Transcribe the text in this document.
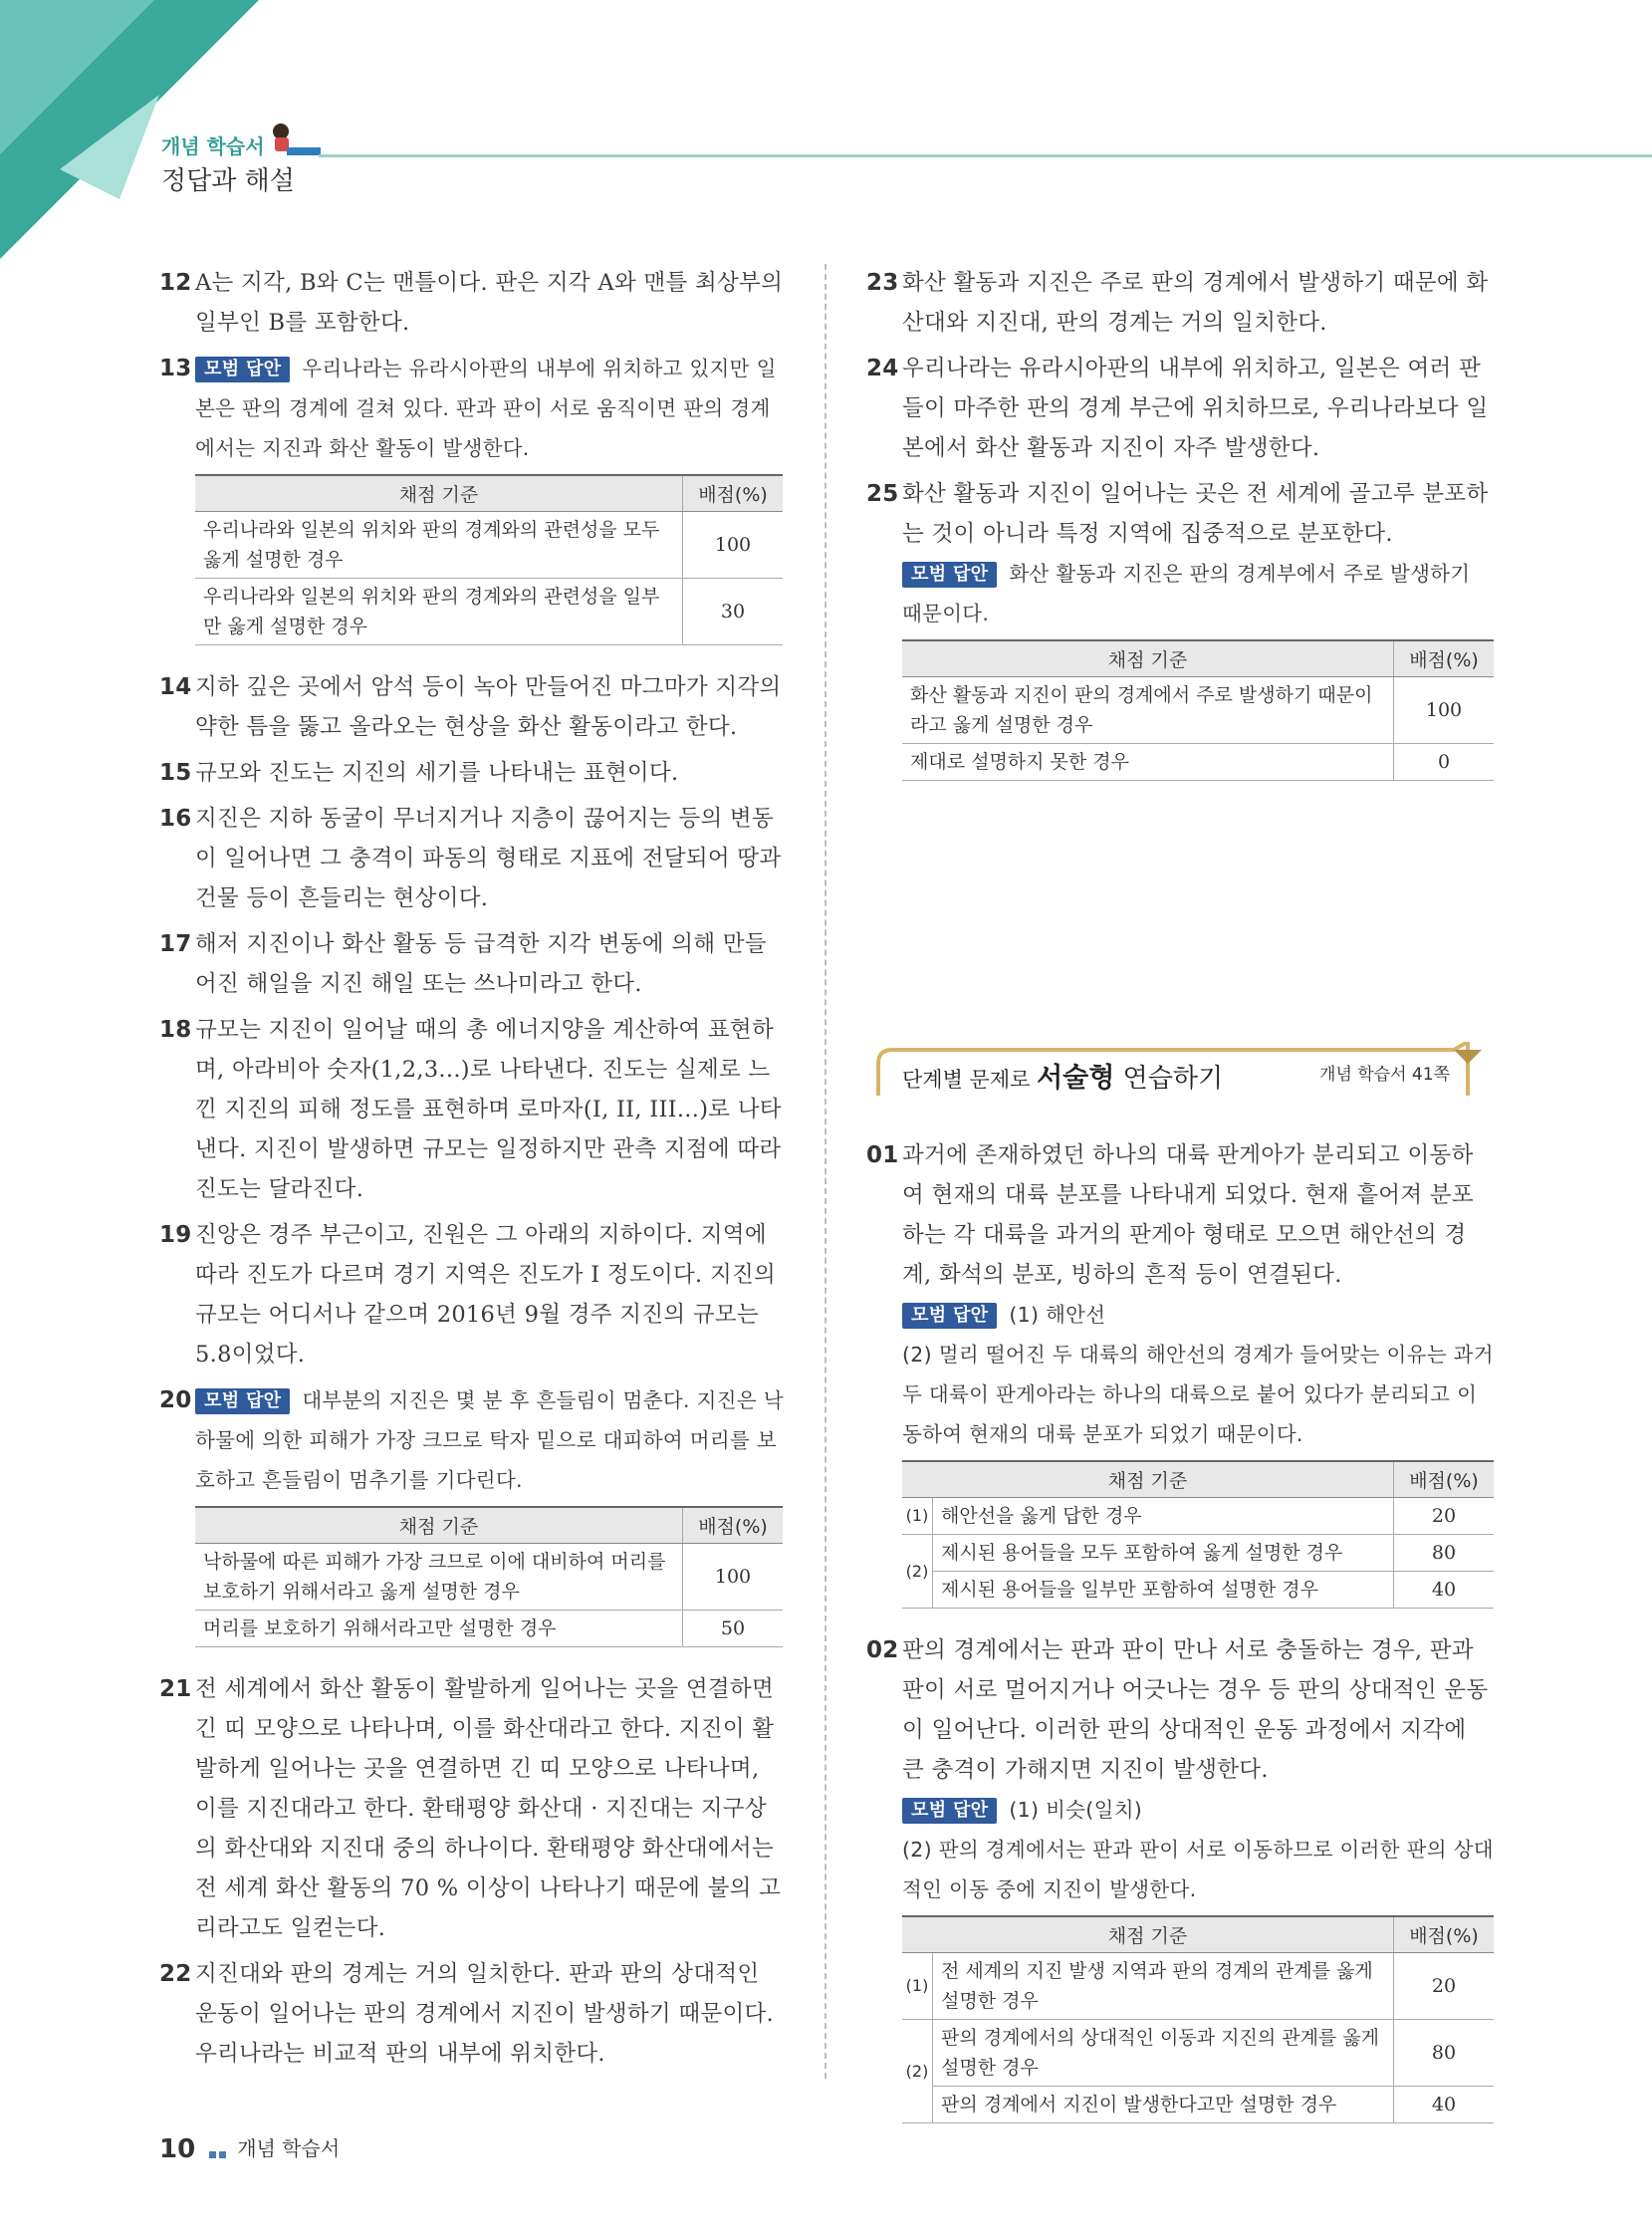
개념 학습서
정답과 해설
12 A는 지각, B와 C는 맨틀이다. 판은 지각 A와 맨틀 최상부의 일부인 B를 포함한다.
13 모범 답안 우리나라는 유라시아판의 내부에 위치하고 있지만 일본은 판의 경계에 걸쳐 있다. 판과 판이 서로 움직이면 판의 경계에서는 지진과 화산 활동이 발생한다.
채점 기준	배점(%)
우리나라와 일본의 위치와 판의 경계와의 관련성을 모두 옳게 설명한 경우	100
우리나라와 일본의 위치와 판의 경계와의 관련성을 일부만 옳게 설명한 경우	30
14 지하 깊은 곳에서 암석 등이 녹아 만들어진 마그마가 지각의 약한 틈을 뚫고 올라오는 현상을 화산 활동이라고 한다.
15 규모와 진도는 지진의 세기를 나타내는 표현이다.
16 지진은 지하 동굴이 무너지거나 지층이 끊어지는 등의 변동이 일어나면 그 충격이 파동의 형태로 지표에 전달되어 땅과 건물 등이 흔들리는 현상이다.
17 해저 지진이나 화산 활동 등 급격한 지각 변동에 의해 만들어진 해일을 지진 해일 또는 쓰나미라고 한다.
18 규모는 지진이 일어날 때의 총 에너지양을 계산하여 표현하며, 아라비아 숫자(1,2,3...)로 나타낸다. 진도는 실제로 느낀 지진의 피해 정도를 표현하며 로마자(I, II, III...)로 나타낸다. 지진이 발생하면 규모는 일정하지만 관측 지점에 따라 진도는 달라진다.
19 진앙은 경주 부근이고, 진원은 그 아래의 지하이다. 지역에 따라 진도가 다르며 경기 지역은 진도가 I 정도이다. 지진의 규모는 어디서나 같으며 2016년 9월 경주 지진의 규모는 5.8이었다.
20 모범 답안 대부분의 지진은 몇 분 후 흔들림이 멈춘다. 지진은 낙하물에 의한 피해가 가장 크므로 탁자 밑으로 대피하여 머리를 보호하고 흔들림이 멈추기를 기다린다.
채점 기준	배점(%)
낙하물에 따른 피해가 가장 크므로 이에 대비하여 머리를 보호하기 위해서라고 옳게 설명한 경우	100
머리를 보호하기 위해서라고만 설명한 경우	50
21 전 세계에서 화산 활동이 활발하게 일어나는 곳을 연결하면 긴 띠 모양으로 나타나며, 이를 화산대라고 한다. 지진이 활발하게 일어나는 곳을 연결하면 긴 띠 모양으로 나타나며, 이를 지진대라고 한다. 환태평양 화산대 · 지진대는 지구상의 화산대와 지진대 중의 하나이다. 환태평양 화산대에서는 전 세계 화산 활동의 70 % 이상이 나타나기 때문에 불의 고리라고도 일컫는다.
22 지진대와 판의 경계는 거의 일치한다. 판과 판의 상대적인 운동이 일어나는 판의 경계에서 지진이 발생하기 때문이다. 우리나라는 비교적 판의 내부에 위치한다.
23 화산 활동과 지진은 주로 판의 경계에서 발생하기 때문에 화산대와 지진대, 판의 경계는 거의 일치한다.
24 우리나라는 유라시아판의 내부에 위치하고, 일본은 여러 판들이 마주한 판의 경계 부근에 위치하므로, 우리나라보다 일본에서 화산 활동과 지진이 자주 발생한다.
25 화산 활동과 지진이 일어나는 곳은 전 세계에 골고루 분포하는 것이 아니라 특정 지역에 집중적으로 분포한다.
모범 답안 화산 활동과 지진은 판의 경계부에서 주로 발생하기 때문이다.
채점 기준	배점(%)
화산 활동과 지진이 판의 경계에서 주로 발생하기 때문이라고 옳게 설명한 경우	100
제대로 설명하지 못한 경우	0
단계별 문제로 서술형 연습하기	개념 학습서 41쪽
01 과거에 존재하였던 하나의 대륙 판게아가 분리되고 이동하여 현재의 대륙 분포를 나타내게 되었다. 현재 흩어져 분포하는 각 대륙을 과거의 판게아 형태로 모으면 해안선의 경계, 화석의 분포, 빙하의 흔적 등이 연결된다.
모범 답안 (1) 해안선
(2) 멀리 떨어진 두 대륙의 해안선의 경계가 들어맞는 이유는 과거 두 대륙이 판게아라는 하나의 대륙으로 붙어 있다가 분리되고 이동하여 현재의 대륙 분포가 되었기 때문이다.
채점 기준		배점(%)
(1)	해안선을 옳게 답한 경우	20
(2)	제시된 용어들을 모두 포함하여 옳게 설명한 경우	80
	제시된 용어들을 일부만 포함하여 설명한 경우	40
02 판의 경계에서는 판과 판이 만나 서로 충돌하는 경우, 판과 판이 서로 멀어지거나 어긋나는 경우 등 판의 상대적인 운동이 일어난다. 이러한 판의 상대적인 운동 과정에서 지각에 큰 충격이 가해지면 지진이 발생한다.
모범 답안 (1) 비슷(일치)
(2) 판의 경계에서는 판과 판이 서로 이동하므로 이러한 판의 상대적인 이동 중에 지진이 발생한다.
채점 기준		배점(%)
(1)	전 세계의 지진 발생 지역과 판의 경계의 관계를 옳게 설명한 경우	20
(2)	판의 경계에서의 상대적인 이동과 지진의 관계를 옳게 설명한 경우	80
	판의 경계에서 지진이 발생한다고만 설명한 경우	40
10 개념 학습서
